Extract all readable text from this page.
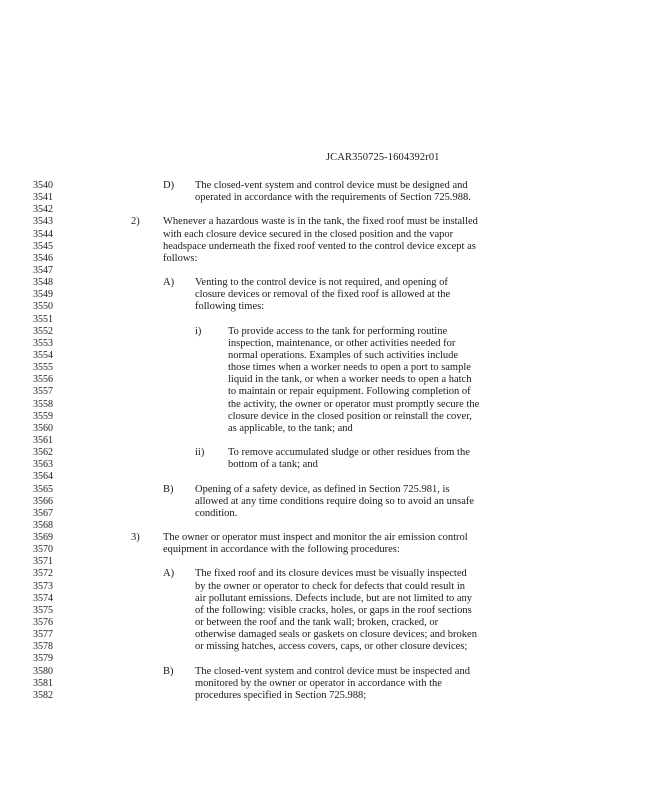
JCAR350725-1604392r01
3540
3541
3542
3543
3544
3545
3546
3547
3548
3549
3550
3551
3552
3553
3554
3555
3556
3557
3558
3559
3560
3561
3562
3563
3564
3565
3566
3567
3568
3569
3570
3571
3572
3573
3574
3575
3576
3577
3578
3579
3580
3581
3582
D) The closed-vent system and control device must be designed and
operated in accordance with the requirements of Section 725.988.
2) Whenever a hazardous waste is in the tank, the fixed roof must be installed
with each closure device secured in the closed position and the vapor
headspace underneath the fixed roof vented to the control device except as
follows:
A) Venting to the control device is not required, and opening of
closure devices or removal of the fixed roof is allowed at the
following times:
i)	To provide access to the tank for performing routine
inspection, maintenance, or other activities needed for
normal operations. Examples of such activities include
those times when a worker needs to open a port to sample
liquid in the tank, or when a worker needs to open a hatch
to maintain or repair equipment. Following completion of
the activity, the owner or operator must promptly secure the
closure device in the closed position or reinstall the cover,
as applicable, to the tank; and
ii) To remove accumulated sludge or other residues from the
bottom of a tank; and
B) Opening of a safety device, as defined in Section 725.981, is
allowed at any time conditions require doing so to avoid an unsafe
condition.
3) The owner or operator must inspect and monitor the air emission control
equipment in accordance with the following procedures:
A) The fixed roof and its closure devices must be visually inspected
by the owner or operator to check for defects that could result in
air pollutant emissions. Defects include, but are not limited to any
of the following: visible cracks, holes, or gaps in the roof sections
or between the roof and the tank wall; broken, cracked, or
otherwise damaged seals or gaskets on closure devices; and broken
or missing hatches, access covers, caps, or other closure devices;
B) The closed-vent system and control device must be inspected and
monitored by the owner or operator in accordance with the
procedures specified in Section 725.988;
